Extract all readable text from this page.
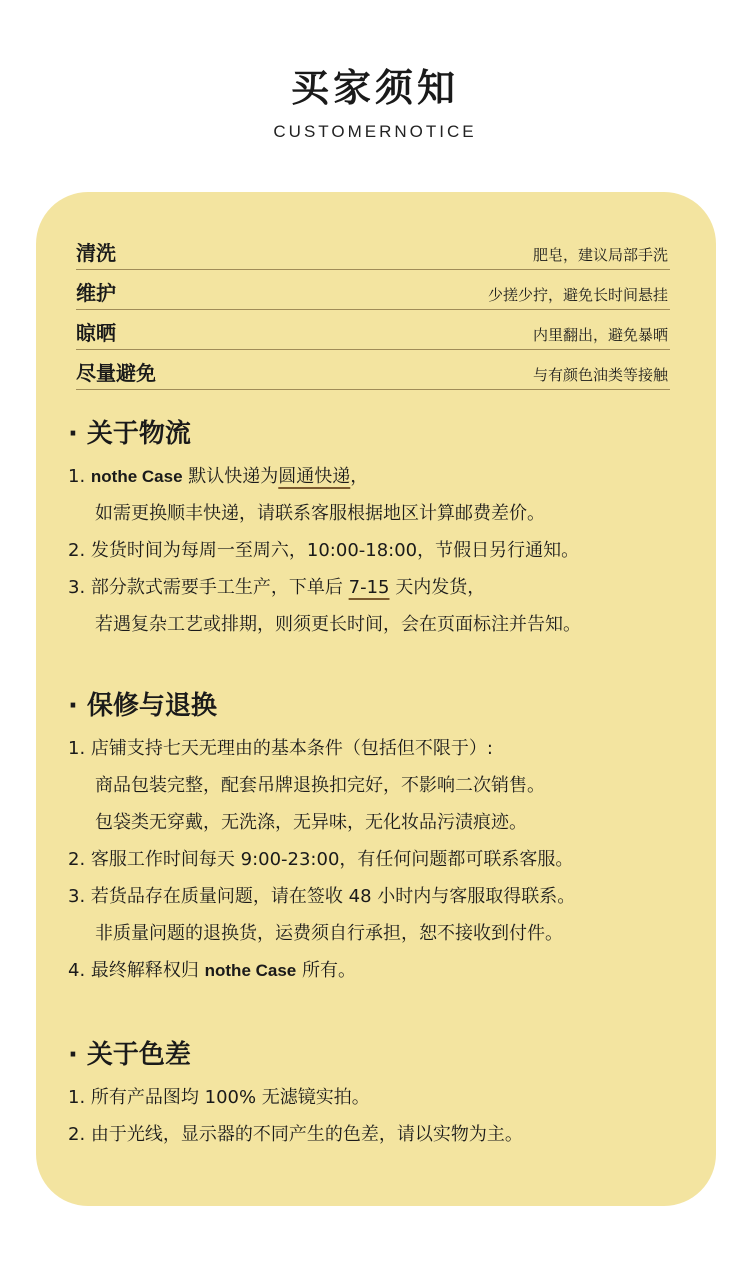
买家须知
CUSTOMERNOTICE
清洗	肥皂，建议局部手洗
维护	少搓少拧，避免长时间悬挂
晾晒	内里翻出，避免暴晒
尽量避免	与有颜色油类等接触
· 关于物流
1. nothe Case 默认快递为圆通快递，
如需更换顺丰快递，请联系客服根据地区计算邮费差价。
2. 发货时间为每周一至周六，10:00-18:00，节假日另行通知。
3. 部分款式需要手工生产，下单后 7-15 天内发货，
若遇复杂工艺或排期，则须更长时间，会在页面标注并告知。
· 保修与退换
1. 店铺支持七天无理由的基本条件（包括但不限于）:
商品包装完整，配套吊牌退换扣完好，不影响二次销售。
包袋类无穿戴，无洗涤，无异味，无化妆品污渍痕迹。
2. 客服工作时间每天 9:00-23:00，有任何问题都可联系客服。
3. 若货品存在质量问题，请在签收 48 小时内与客服取得联系。
非质量问题的退换货，运费须自行承担，恕不接收到付件。
4. 最终解释权归 nothe Case 所有。
· 关于色差
1. 所有产品图均 100% 无滤镜实拍。
2. 由于光线，显示器的不同产生的色差，请以实物为主。
